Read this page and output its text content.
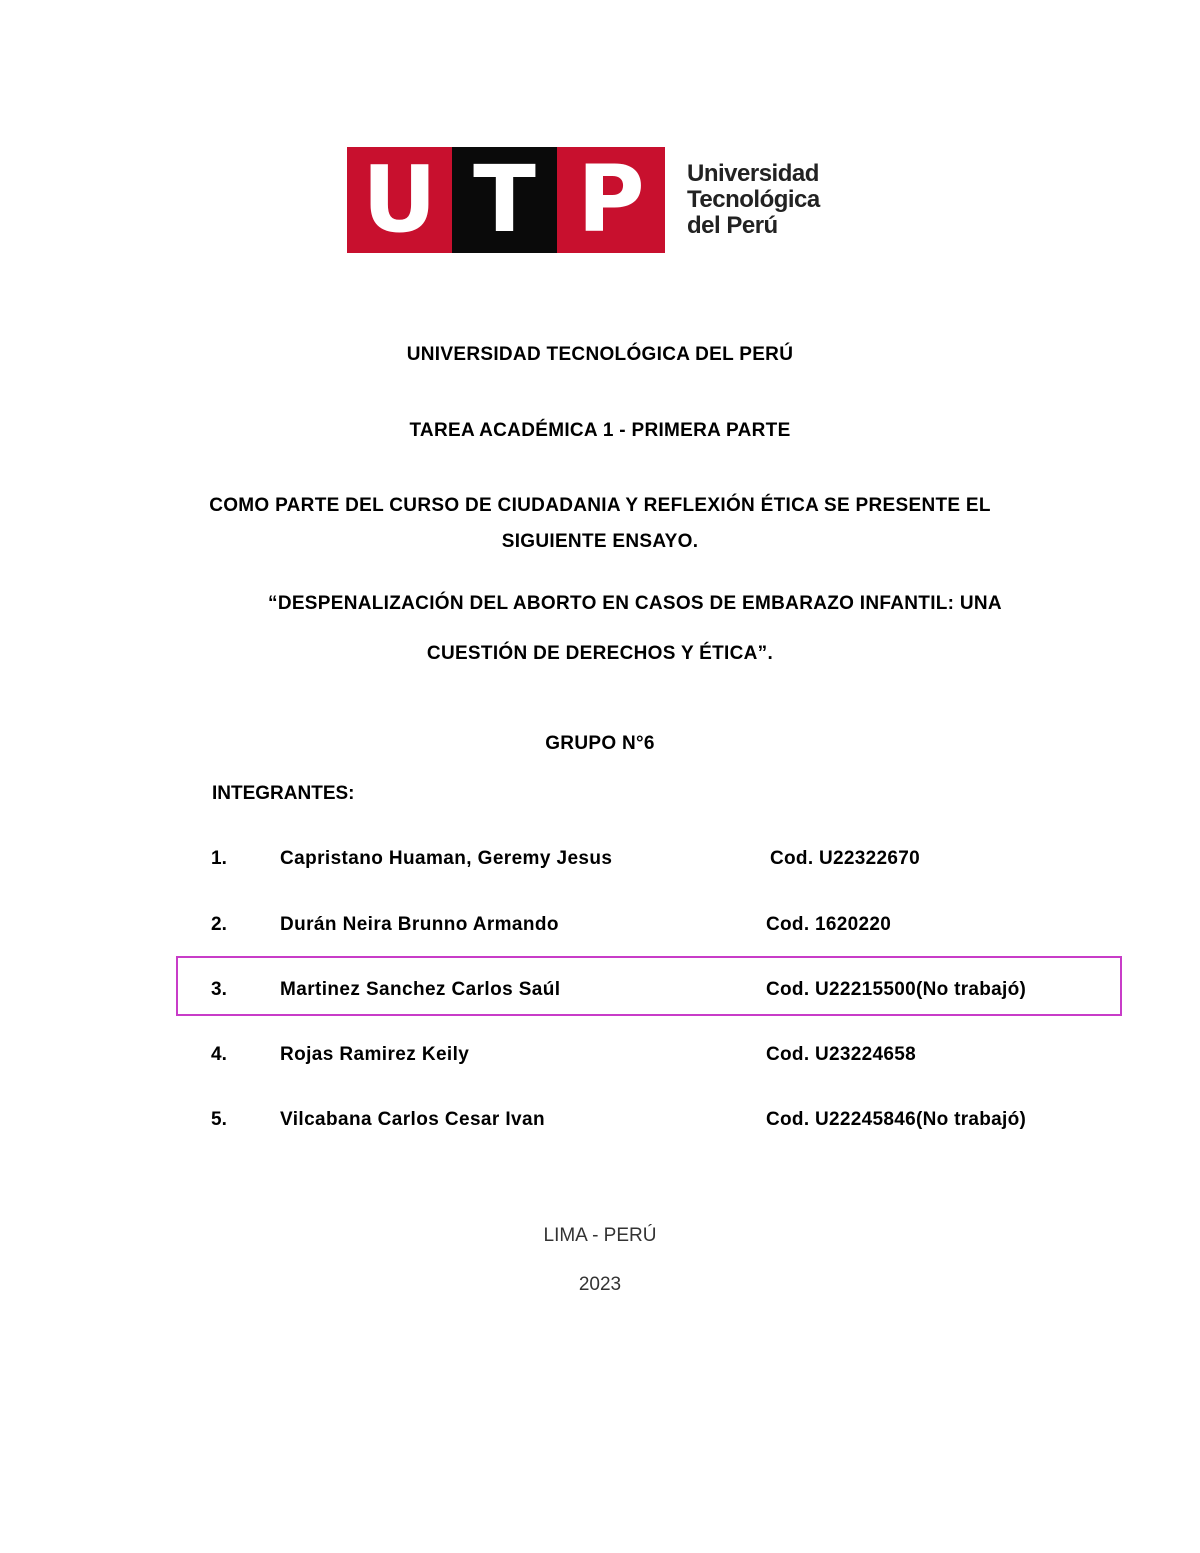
U T P	Universidad
Tecnológica
del Perú
UNIVERSIDAD TECNOLÓGICA DEL PERÚ
TAREA ACADÉMICA 1 - PRIMERA PARTE
COMO PARTE DEL CURSO DE CIUDADANIA Y REFLEXIÓN ÉTICA SE PRESENTE EL
SIGUIENTE ENSAYO.
“DESPENALIZACIÓN DEL ABORTO EN CASOS DE EMBARAZO INFANTIL: UNA
CUESTIÓN DE DERECHOS Y ÉTICA”.
GRUPO N°6
INTEGRANTES:
1.	Capristano Huaman, Geremy Jesus	Cod. U22322670
2.	Durán Neira Brunno Armando	Cod. 1620220
3.	Martinez Sanchez Carlos Saúl	Cod. U22215500(No trabajó)
4.	Rojas Ramirez Keily	Cod. U23224658
5.	Vilcabana Carlos Cesar Ivan	Cod. U22245846(No trabajó)
LIMA - PERÚ
2023
